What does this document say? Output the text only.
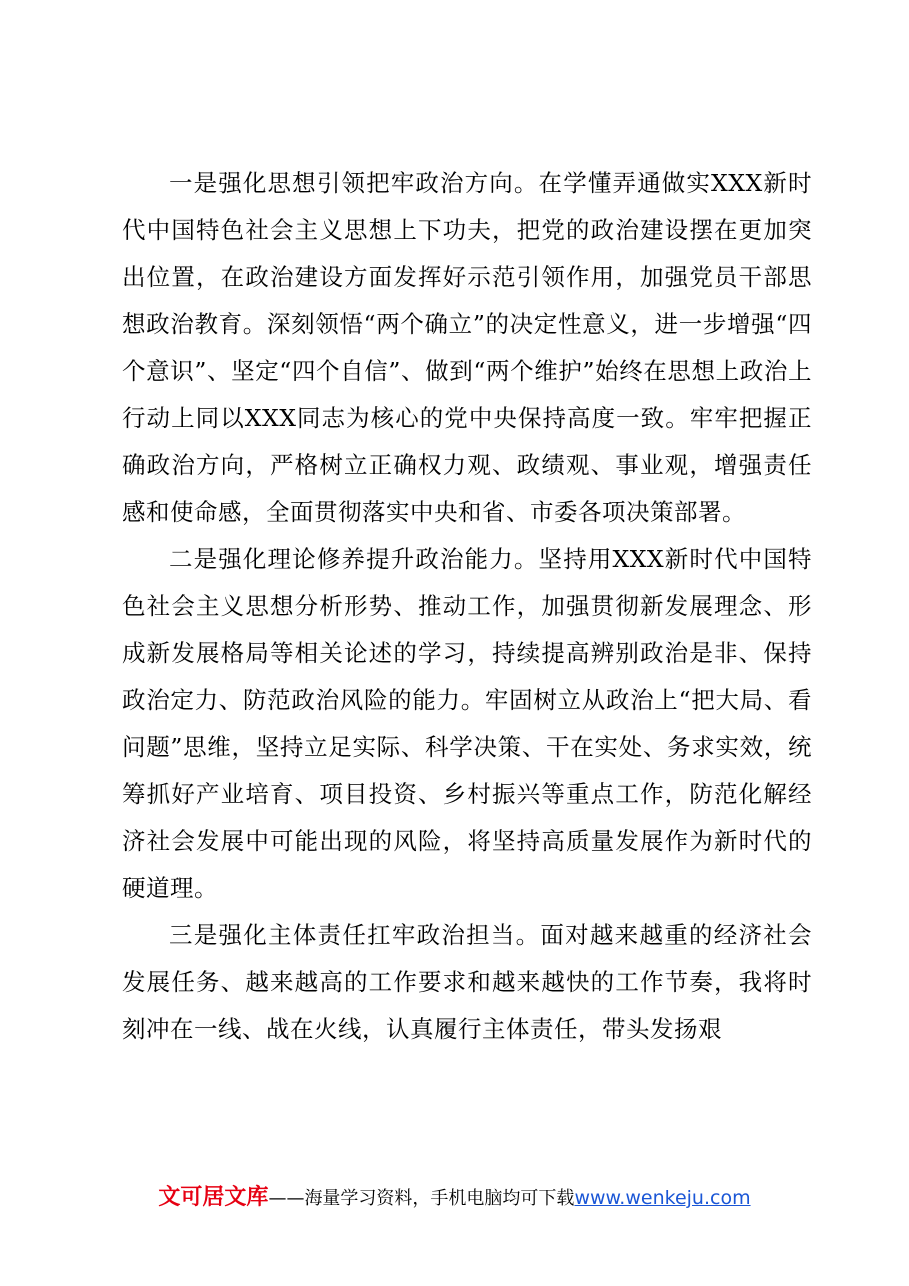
一是强化思想引领把牢政治方向。在学懂弄通做实XXX新时代中国特色社会主义思想上下功夫，把党的政治建设摆在更加突出位置，在政治建设方面发挥好示范引领作用，加强党员干部思想政治教育。深刻领悟“两个确立”的决定性意义，进一步增强“四个意识”、坚定“四个自信”、做到“两个维护”始终在思想上政治上行动上同以XXX同志为核心的党中央保持高度一致。牢牢把握正确政治方向，严格树立正确权力观、政绩观、事业观，增强责任感和使命感，全面贯彻落实中央和省、市委各项决策部署。

二是强化理论修养提升政治能力。坚持用XXX新时代中国特色社会主义思想分析形势、推动工作，加强贯彻新发展理念、形成新发展格局等相关论述的学习，持续提高辨别政治是非、保持政治定力、防范政治风险的能力。牢固树立从政治上“把大局、看问题”思维，坚持立足实际、科学决策、干在实处、务求实效，统筹抓好产业培育、项目投资、乡村振兴等重点工作，防范化解经济社会发展中可能出现的风险，将坚持高质量发展作为新时代的硬道理。

三是强化主体责任扛牢政治担当。面对越来越重的经济社会发展任务、越来越高的工作要求和越来越快的工作节奏，我将时刻冲在一线、战在火线，认真履行主体责任，带头发扬艰

文可居文库——海量学习资料，手机电脑均可下载www.wenkeju.com
